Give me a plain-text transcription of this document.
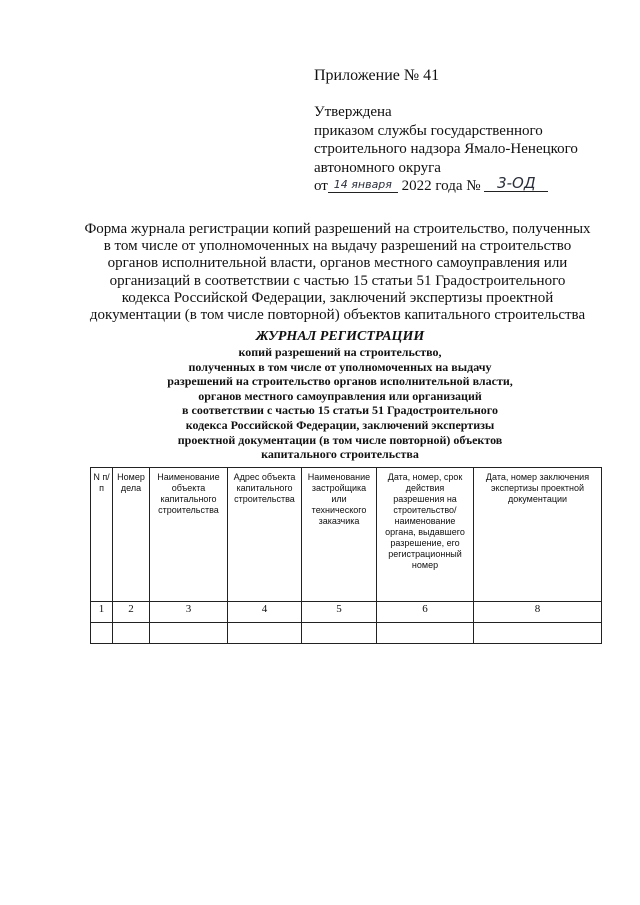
Приложение № 41
Утверждена
приказом службы государственного
строительного надзора Ямало-Ненецкого
автономного округа
от 14 января 2022 года № 3-ОД
Форма журнала регистрации копий разрешений на строительство, полученных
в том числе от уполномоченных на выдачу разрешений на строительство
органов исполнительной власти, органов местного самоуправления или
организаций в соответствии с частью 15 статьи 51 Градостроительного
кодекса Российской Федерации, заключений экспертизы проектной
документации (в том числе повторной) объектов капитального строительства
ЖУРНАЛ РЕГИСТРАЦИИ
копий разрешений на строительство,
полученных в том числе от уполномоченных на выдачу
разрешений на строительство органов исполнительной власти,
органов местного самоуправления или организаций
в соответствии с частью 15 статьи 51 Градостроительного
кодекса Российской Федерации, заключений экспертизы
проектной документации (в том числе повторной) объектов
капитального строительства
N п/п	Номер дела	Наименование объекта капитального строительства	Адрес объекта капитального строительства	Наименование застройщика или технического заказчика	Дата, номер, срок действия разрешения на строительство/ наименование органа, выдавшего разрешение, его регистрационный номер	Дата, номер заключения экспертизы проектной документации
1	2	3	4	5	6	8
